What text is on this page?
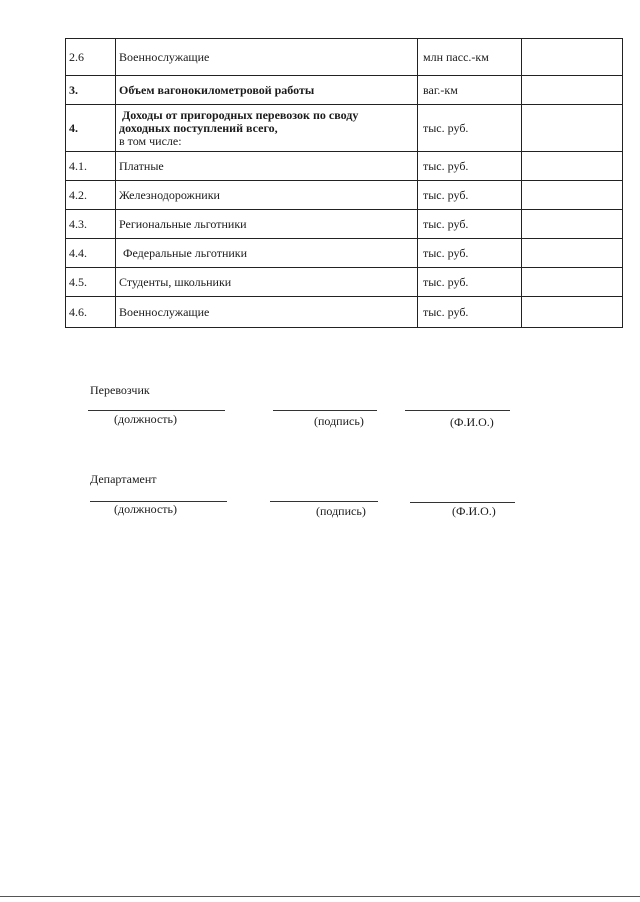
2.6	Военнослужащие	млн пасс.-км	
3.	Объем вагонокилометровой работы	ваг.-км	
4.	Доходы от пригородных перевозок по своду
доходных поступлений всего,
в том числе:	тыс. руб.	
4.1.	Платные	тыс. руб.	
4.2.	Железнодорожники	тыс. руб.	
4.3.	Региональные льготники	тыс. руб.	
4.4.	Федеральные льготники	тыс. руб.	
4.5.	Студенты, школьники	тыс. руб.	
4.6.	Военнослужащие	тыс. руб.	
Перевозчик
(должность)	(подпись)	(Ф.И.О.)
Департамент
(должность)	(подпись)	(Ф.И.О.)
